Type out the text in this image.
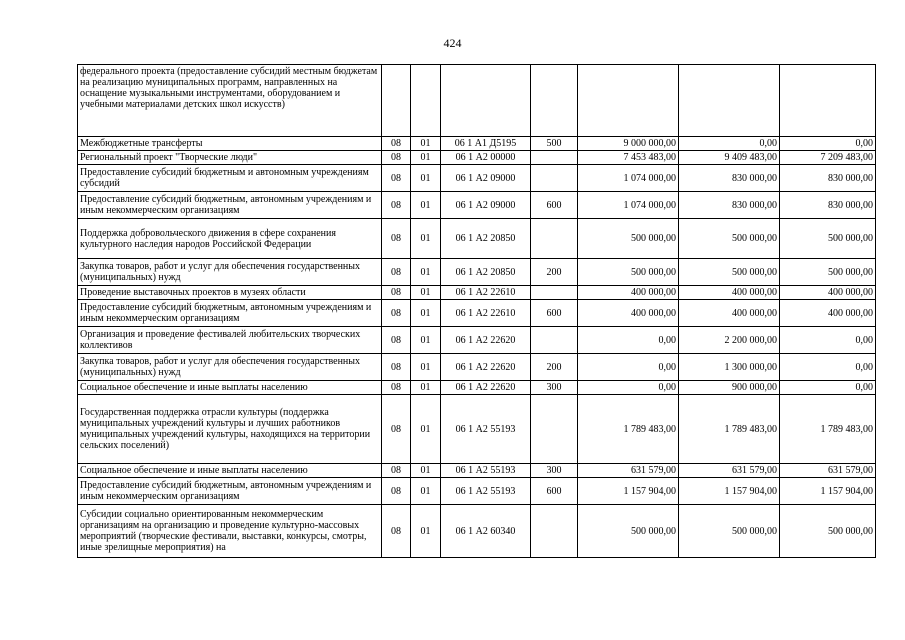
424
федерального проекта (предоставление субсидий местным бюджетам на реализацию муниципальных программ, направленных на оснащение музыкальными инструментами, оборудованием и учебными материалами детских школ искусств)							
Межбюджетные трансферты	08	01	06 1 А1 Д5195	500	9 000 000,00	0,00	0,00
Региональный проект "Творческие люди"	08	01	06 1 А2 00000		7 453 483,00	9 409 483,00	7 209 483,00
Предоставление субсидий бюджетным и автономным учреждениям субсидий	08	01	06 1 А2 09000		1 074 000,00	830 000,00	830 000,00
Предоставление субсидий бюджетным, автономным учреждениям и иным некоммерческим организациям	08	01	06 1 А2 09000	600	1 074 000,00	830 000,00	830 000,00
Поддержка добровольческого движения в сфере сохранения культурного наследия народов Российской Федерации	08	01	06 1 А2 20850		500 000,00	500 000,00	500 000,00
Закупка товаров, работ и услуг для обеспечения государственных (муниципальных) нужд	08	01	06 1 А2 20850	200	500 000,00	500 000,00	500 000,00
Проведение выставочных проектов в музеях области	08	01	06 1 А2 22610		400 000,00	400 000,00	400 000,00
Предоставление субсидий бюджетным, автономным учреждениям и иным некоммерческим организациям	08	01	06 1 А2 22610	600	400 000,00	400 000,00	400 000,00
Организация и проведение фестивалей любительских творческих коллективов	08	01	06 1 А2 22620		0,00	2 200 000,00	0,00
Закупка товаров, работ и услуг для обеспечения государственных (муниципальных) нужд	08	01	06 1 А2 22620	200	0,00	1 300 000,00	0,00
Социальное обеспечение и иные выплаты населению	08	01	06 1 А2 22620	300	0,00	900 000,00	0,00
Государственная поддержка отрасли культуры (поддержка муниципальных учреждений культуры и лучших работников муниципальных учреждений культуры, находящихся на территории сельских поселений)	08	01	06 1 А2 55193		1 789 483,00	1 789 483,00	1 789 483,00
Социальное обеспечение и иные выплаты населению	08	01	06 1 А2 55193	300	631 579,00	631 579,00	631 579,00
Предоставление субсидий бюджетным, автономным учреждениям и иным некоммерческим организациям	08	01	06 1 А2 55193	600	1 157 904,00	1 157 904,00	1 157 904,00
Субсидии социально ориентированным некоммерческим организациям на организацию и проведение культурно-массовых мероприятий (творческие фестивали, выставки, конкурсы, смотры, иные зрелищные мероприятия) на	08	01	06 1 А2 60340		500 000,00	500 000,00	500 000,00
